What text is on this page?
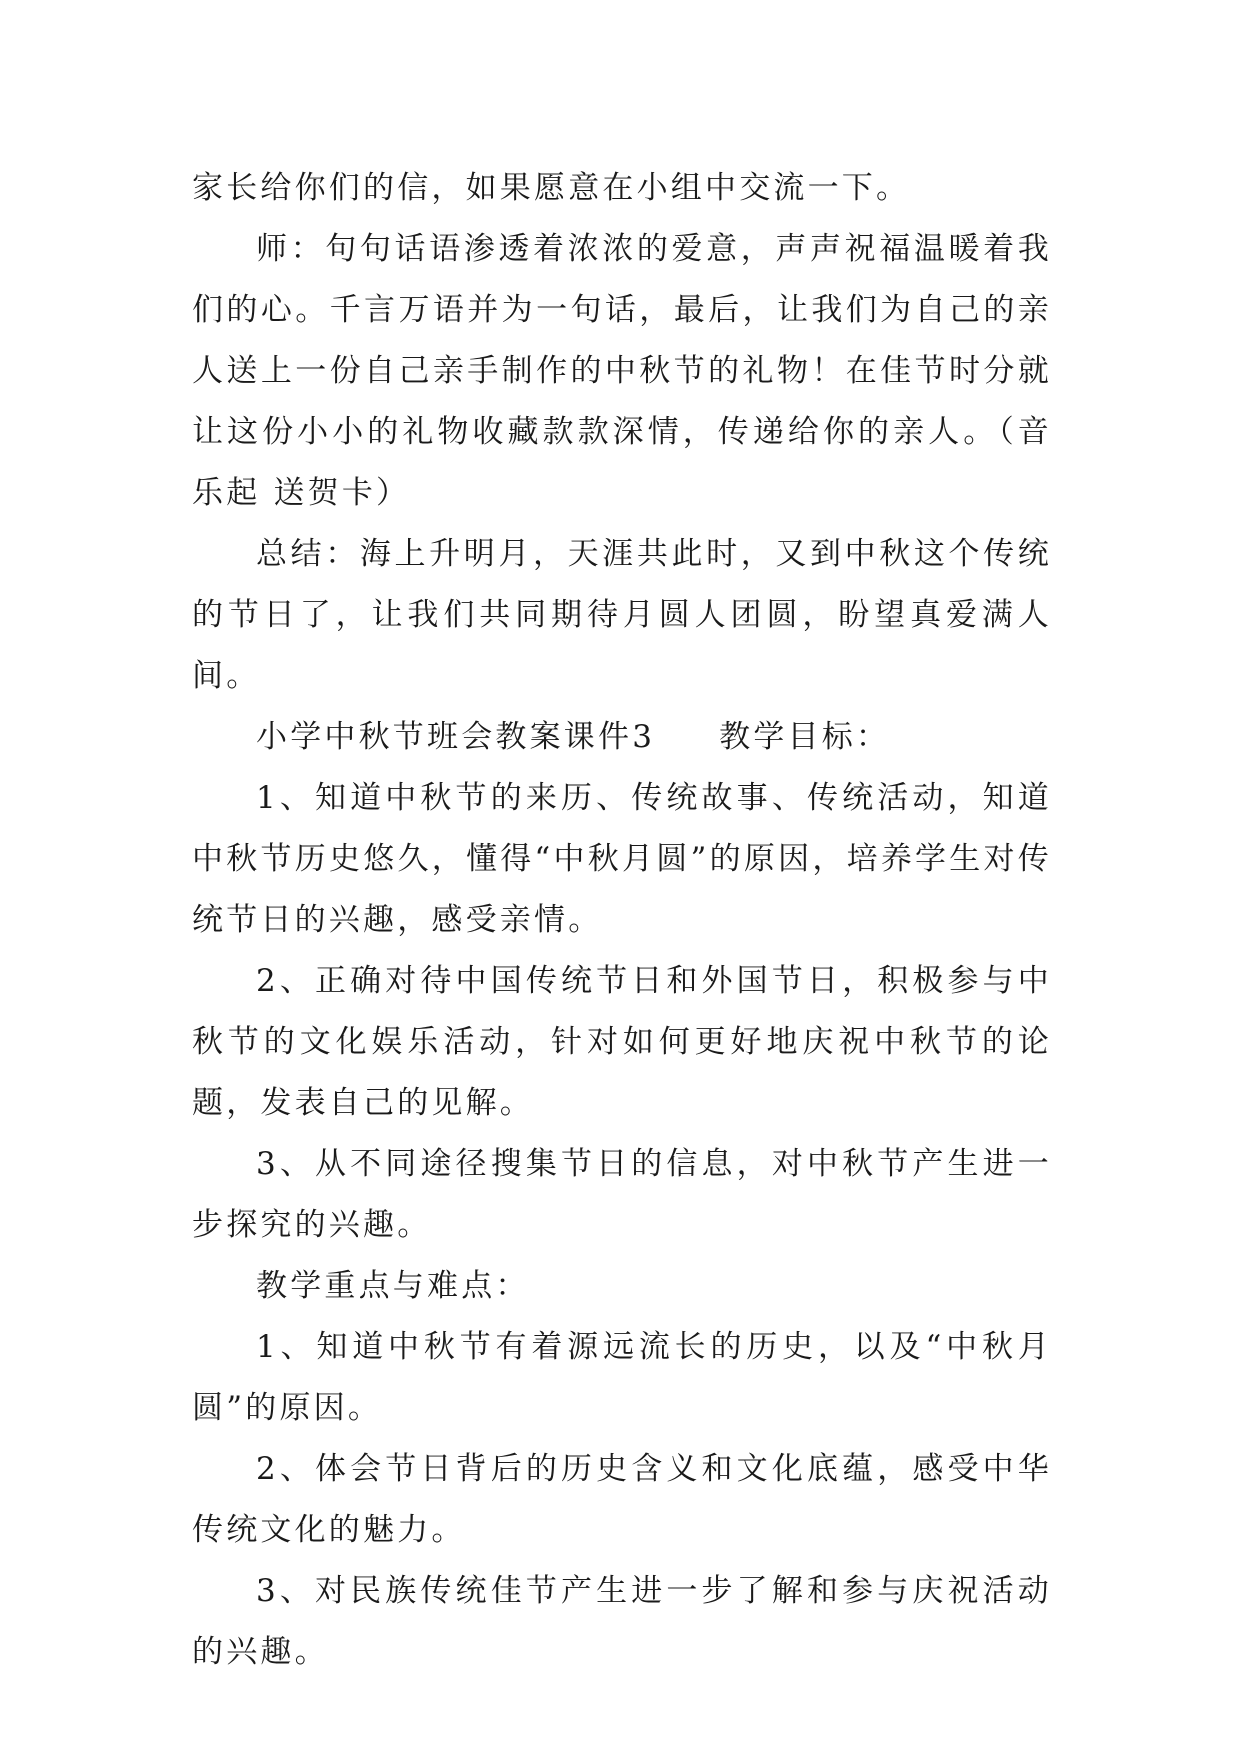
家长给你们的信，如果愿意在小组中交流一下。

师：句句话语渗透着浓浓的爱意，声声祝福温暖着我们的心。千言万语并为一句话，最后，让我们为自己的亲人送上一份自己亲手制作的中秋节的礼物！在佳节时分就让这份小小的礼物收藏款款深情，传递给你的亲人。（音乐起 送贺卡）

总结：海上升明月，天涯共此时，又到中秋这个传统的节日了，让我们共同期待月圆人团圆，盼望真爱满人间。

小学中秋节班会教案课件3 教学目标：

1、知道中秋节的来历、传统故事、传统活动，知道中秋节历史悠久，懂得“中秋月圆”的原因，培养学生对传统节日的兴趣，感受亲情。

2、正确对待中国传统节日和外国节日，积极参与中秋节的文化娱乐活动，针对如何更好地庆祝中秋节的论题，发表自己的见解。

3、从不同途径搜集节日的信息，对中秋节产生进一步探究的兴趣。

教学重点与难点：

1、知道中秋节有着源远流长的历史，以及“中秋月圆”的原因。

2、体会节日背后的历史含义和文化底蕴，感受中华传统文化的魅力。

3、对民族传统佳节产生进一步了解和参与庆祝活动的兴趣。
